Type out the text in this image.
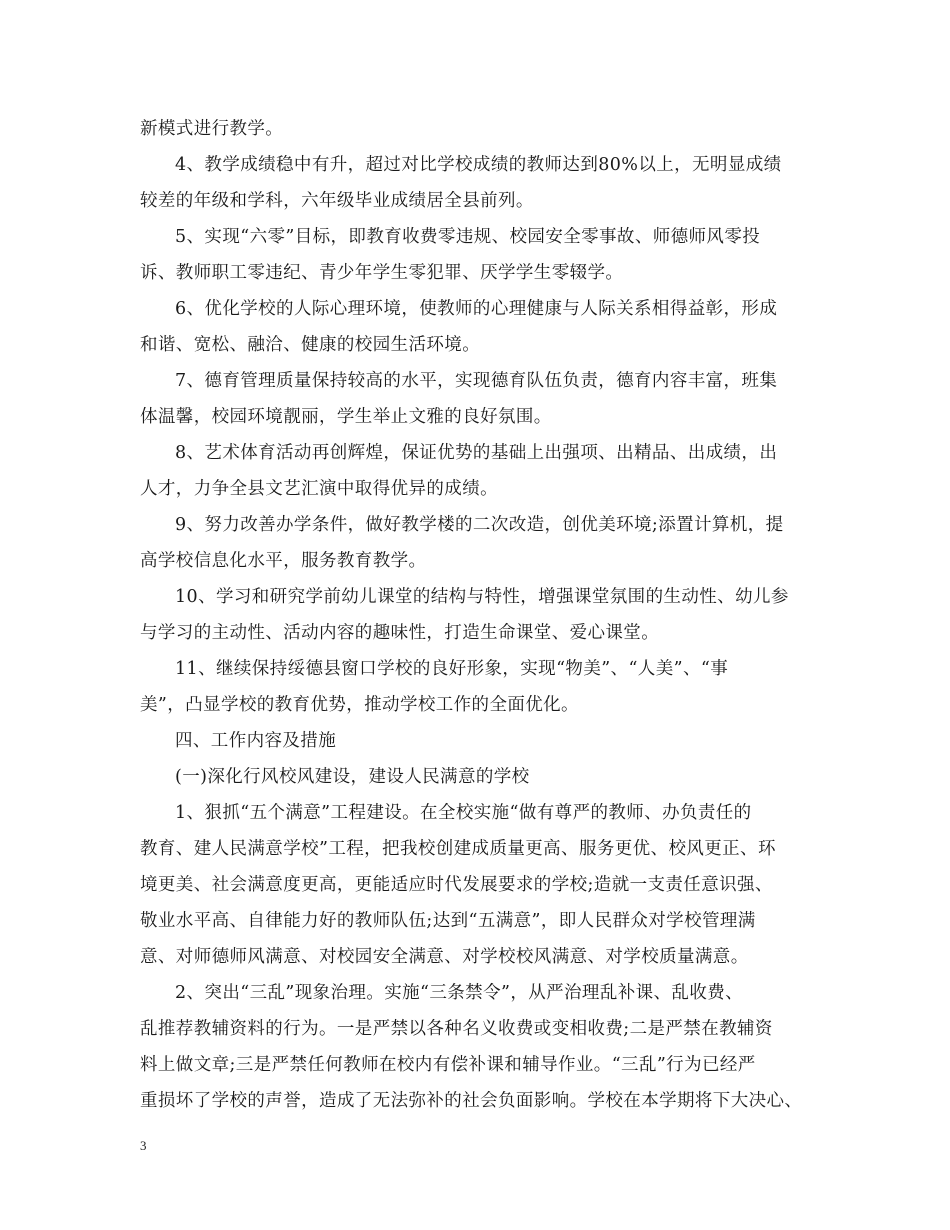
新模式进行教学。
4、教学成绩稳中有升，超过对比学校成绩的教师达到80%以上，无明显成绩
较差的年级和学科，六年级毕业成绩居全县前列。
5、实现“六零”目标，即教育收费零违规、校园安全零事故、师德师风零投
诉、教师职工零违纪、青少年学生零犯罪、厌学学生零辍学。
6、优化学校的人际心理环境，使教师的心理健康与人际关系相得益彰，形成
和谐、宽松、融洽、健康的校园生活环境。
7、德育管理质量保持较高的水平，实现德育队伍负责，德育内容丰富，班集
体温馨，校园环境靓丽，学生举止文雅的良好氛围。
8、艺术体育活动再创辉煌，保证优势的基础上出强项、出精品、出成绩，出
人才，力争全县文艺汇演中取得优异的成绩。
9、努力改善办学条件，做好教学楼的二次改造，创优美环境;添置计算机，提
高学校信息化水平，服务教育教学。
10、学习和研究学前幼儿课堂的结构与特性，增强课堂氛围的生动性、幼儿参
与学习的主动性、活动内容的趣味性，打造生命课堂、爱心课堂。
11、继续保持绥德县窗口学校的良好形象，实现“物美”、“人美”、“事
美”，凸显学校的教育优势，推动学校工作的全面优化。
四、工作内容及措施
(一)深化行风校风建设，建设人民满意的学校
1、狠抓“五个满意”工程建设。在全校实施“做有尊严的教师、办负责任的
教育、建人民满意学校”工程，把我校创建成质量更高、服务更优、校风更正、环
境更美、社会满意度更高，更能适应时代发展要求的学校;造就一支责任意识强、
敬业水平高、自律能力好的教师队伍;达到“五满意”，即人民群众对学校管理满
意、对师德师风满意、对校园安全满意、对学校校风满意、对学校质量满意。
2、突出“三乱”现象治理。实施“三条禁令”，从严治理乱补课、乱收费、
乱推荐教辅资料的行为。一是严禁以各种名义收费或变相收费;二是严禁在教辅资
料上做文章;三是严禁任何教师在校内有偿补课和辅导作业。“三乱”行为已经严
重损坏了学校的声誉，造成了无法弥补的社会负面影响。学校在本学期将下大决心、
3
